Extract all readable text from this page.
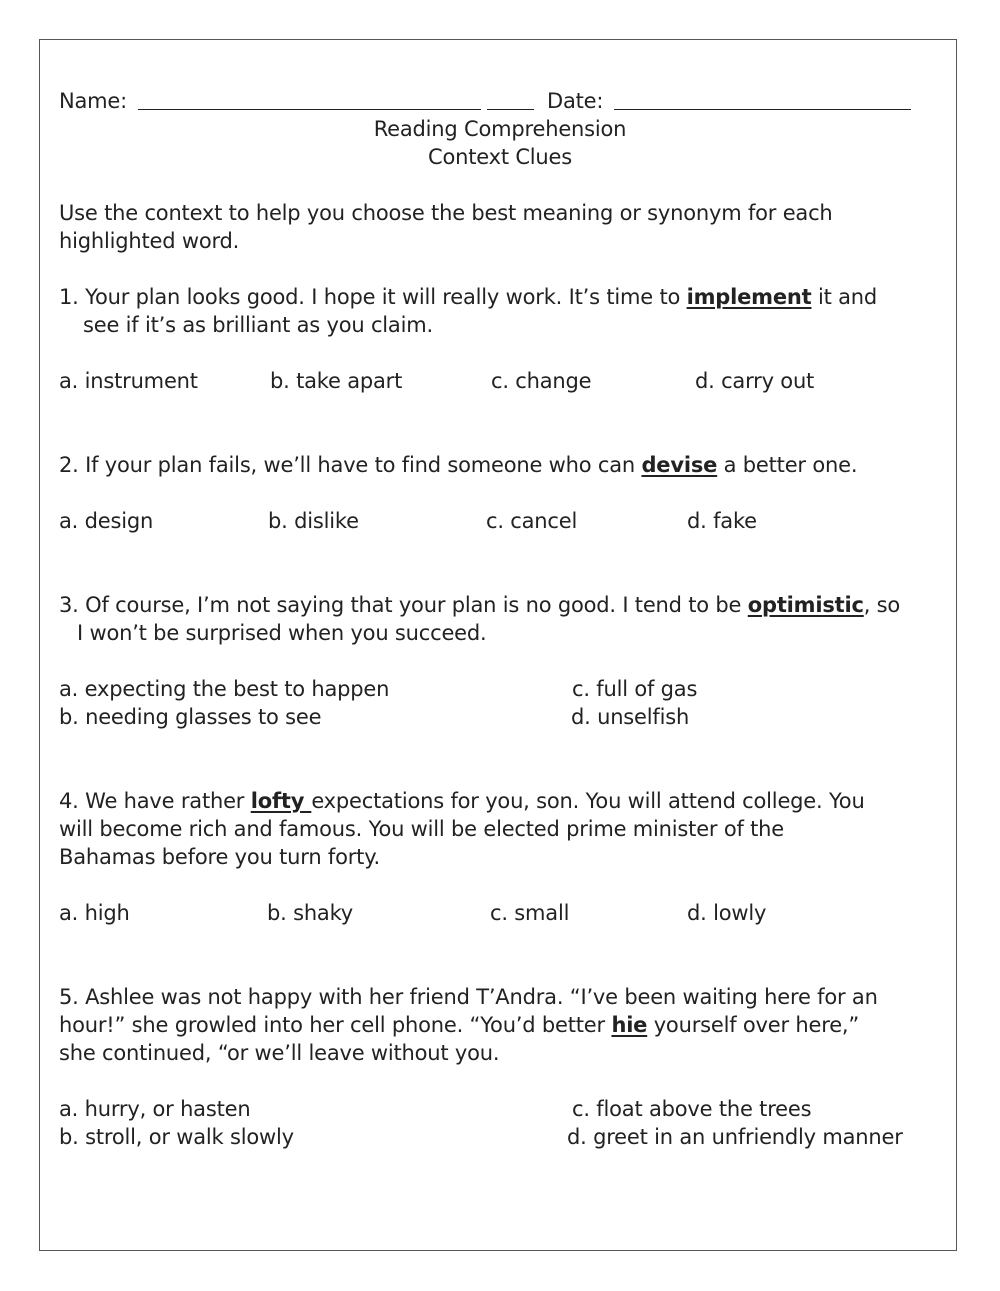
Name:	Date:
Reading Comprehension
Context Clues
Use the context to help you choose the best meaning or synonym for each
highlighted word.
1. Your plan looks good. I hope it will really work. It’s time to implement it and
see if it’s as brilliant as you claim.
a. instrument	b. take apart	c. change	d. carry out
2. If your plan fails, we’ll have to find someone who can devise a better one.
a. design	b. dislike	c. cancel	d. fake
3. Of course, I’m not saying that your plan is no good. I tend to be optimistic, so
I won’t be surprised when you succeed.
a. expecting the best to happen	c. full of gas
b. needing glasses to see	d. unselfish
4. We have rather lofty expectations for you, son. You will attend college. You
will become rich and famous. You will be elected prime minister of the
Bahamas before you turn forty.
a. high	b. shaky	c. small	d. lowly
5. Ashlee was not happy with her friend T’Andra. “I’ve been waiting here for an
hour!” she growled into her cell phone. “You’d better hie yourself over here,”
she continued, “or we’ll leave without you.
a. hurry, or hasten	c. float above the trees
b. stroll, or walk slowly	d. greet in an unfriendly manner
